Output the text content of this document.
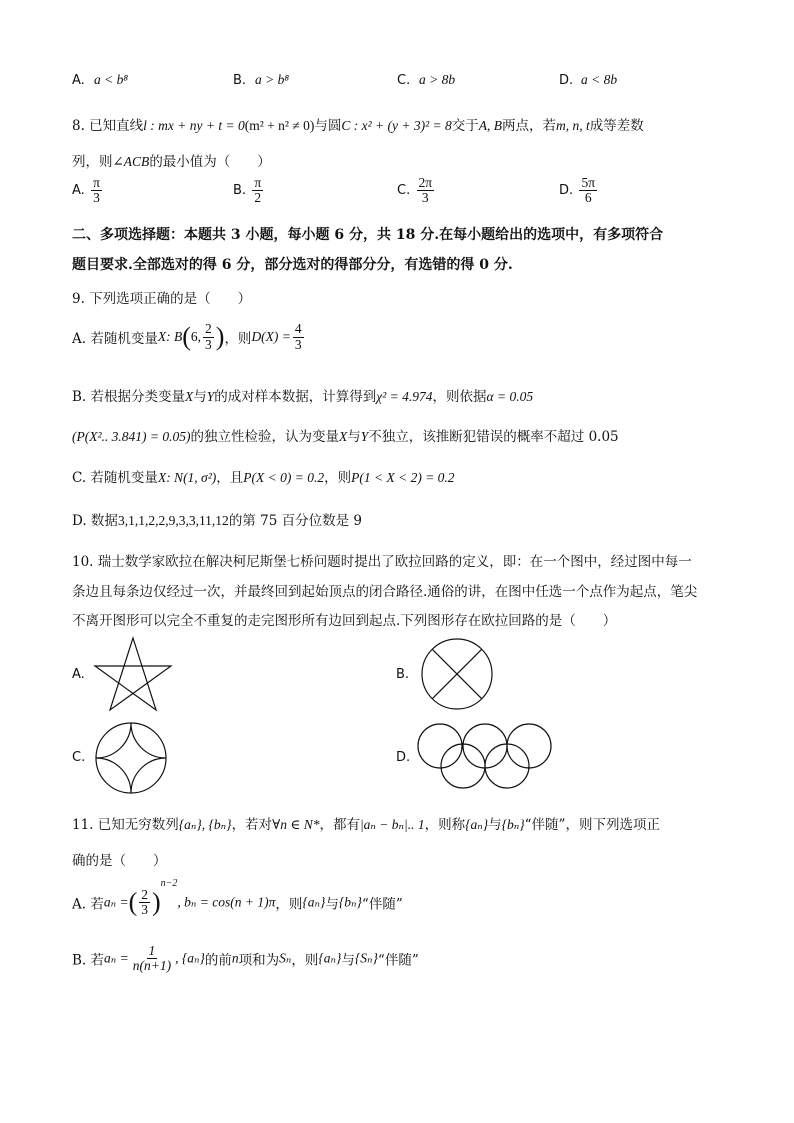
A. a < b⁸	B. a > b⁸	C. a > 8b	D. a < 8b
8. 已知直线l : mx + ny + t = 0(m² + n² ≠ 0)与圆C : x² + (y + 3)² = 8交于A, B两点，若m, n, t成等差数
列，则∠ACB的最小值为（　　）
A. $\frac{\pi}{3}$	B. $\frac{\pi}{2}$	C. $\frac{2\pi}{3}$	D. $\frac{5\pi}{6}$
二、多项选择题：本题共 3 小题，每小题 6 分，共 18 分.在每小题给出的选项中，有多项符合
题目要求.全部选对的得 6 分，部分选对的得部分分，有选错的得 0 分.
9. 下列选项正确的是（　　）
A. 若随机变量X: B(6, $\frac{2}{3}$ )，则$D(X) = \frac{4}{3}$
B. 若根据分类变量X与Y的成对样本数据，计算得到χ² = 4.974，则依据α = 0.05
(P(X².. 3.841) = 0.05)的独立性检验，认为变量X与Y不独立，该推断犯错误的概率不超过 0.05
C. 若随机变量X: N(1, σ²)，且P(X < 0) = 0.2，则P(1 < X < 2) = 0.2
D. 数据3,1,1,2,2,9,3,3,11,12的第 75 百分位数是 9
10. 瑞士数学家欧拉在解决柯尼斯堡七桥问题时提出了欧拉回路的定义，即：在一个图中，经过图中每一
条边且每条边仅经过一次，并最终回到起始顶点的闭合路径.通俗的讲，在图中任选一个点作为起点，笔尖
不离开图形可以完全不重复的走完图形所有边回到起点.下列图形存在欧拉回路的是（　　）
A.	B.
C.	D.
11. 已知无穷数列{aₙ}, {bₙ}，若对∀n ∈ N*，都有|aₙ − bₙ|.. 1，则称{aₙ}与{bₙ}“伴随”，则下列选项正
确的是（　　）
A. 若aₙ =( $\frac{2}{3} )^{n-2}$, bₙ = cos(n + 1)π，则{aₙ}与{bₙ}“伴随”
B. 若$a_n = \frac{1}{n(n+1)}$ , {aₙ}的前n项和为Sₙ，则{aₙ}与{Sₙ}“伴随”
